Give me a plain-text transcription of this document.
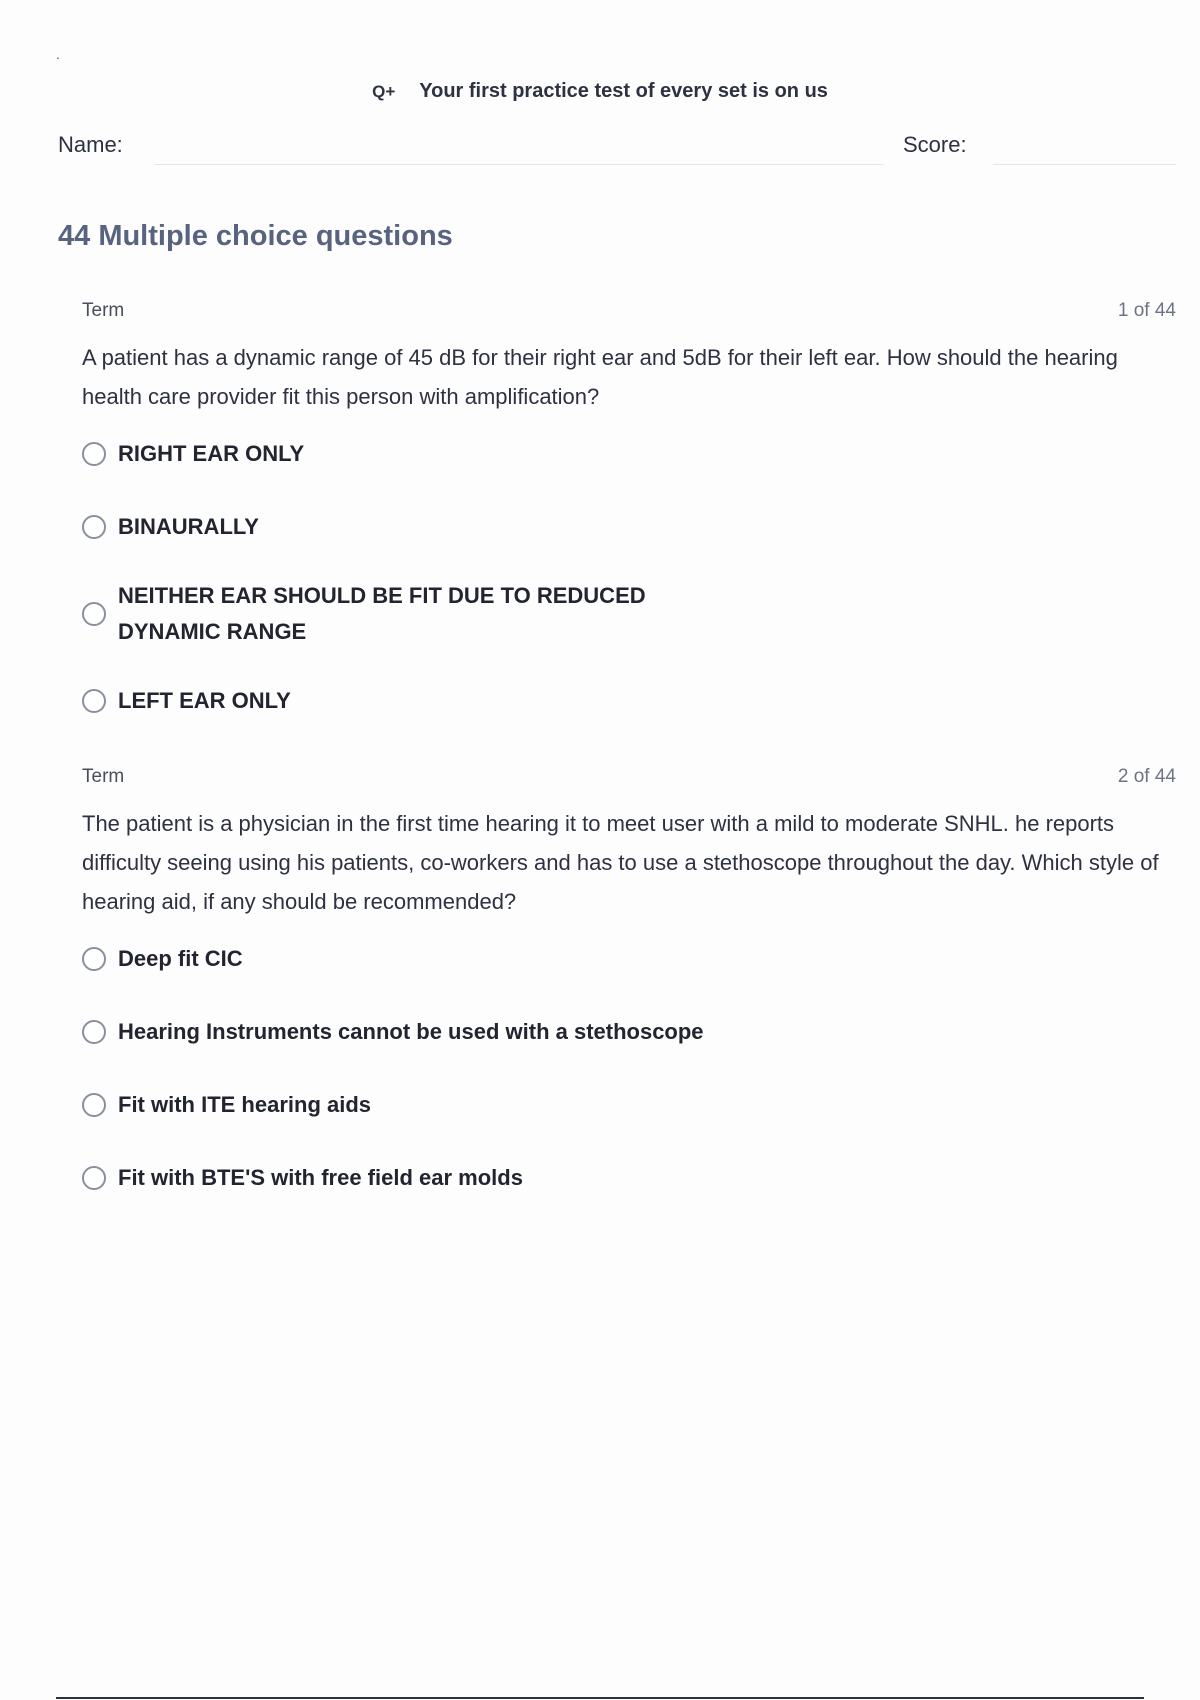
.
Q+ Your first practice test of every set is on us
Name:	Score:
44 Multiple choice questions
Term	1 of 44

A patient has a dynamic range of 45 dB for their right ear and 5dB for their left ear. How should the hearing health care provider fit this person with amplification?

RIGHT EAR ONLY
BINAURALLY
NEITHER EAR SHOULD BE FIT DUE TO REDUCED DYNAMIC RANGE
LEFT EAR ONLY
Term	2 of 44

The patient is a physician in the first time hearing it to meet user with a mild to moderate SNHL. he reports difficulty seeing using his patients, co-workers and has to use a stethoscope throughout the day. Which style of hearing aid, if any should be recommended?

Deep fit CIC
Hearing Instruments cannot be used with a stethoscope
Fit with ITE hearing aids
Fit with BTE'S with free field ear molds
